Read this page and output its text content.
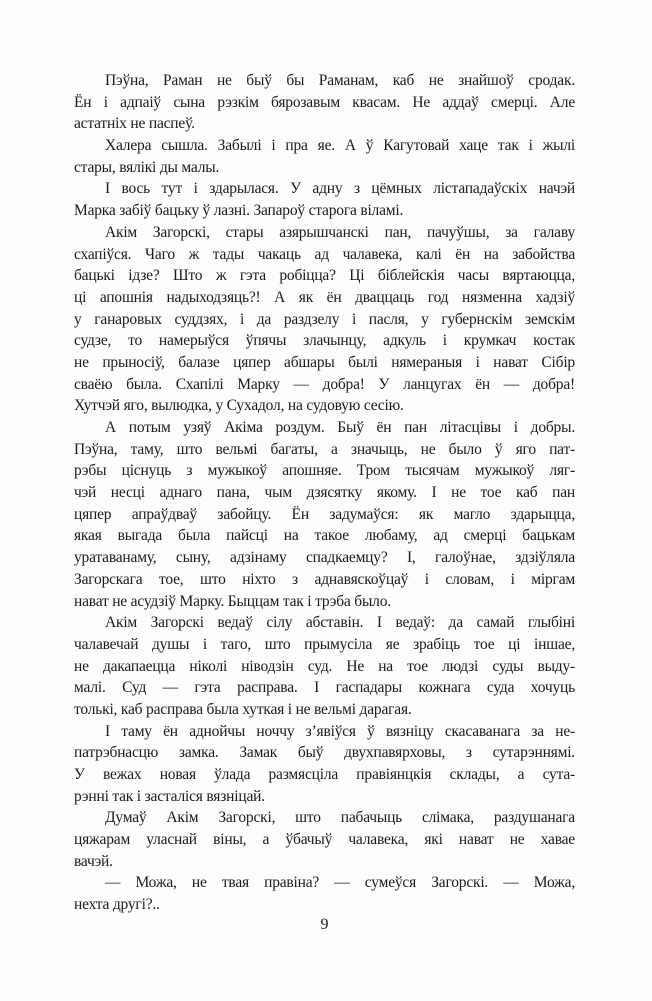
Пэўна, Раман не быў бы Раманам, каб не знайшоў сродак.
Ён і адпаіў сына рэзкім бярозавым квасам. Не аддаў смерці. Але
астатніх не паспеў.

Халера сышла. Забылі і пра яе. А ў Кагутовай хаце так і жылі
стары, вялікі ды малы.

І вось тут і здарылася. У адну з цёмных лістападаўскіх начэй
Марка забіў бацьку ў лазні. Запароў старога віламі.

Акім Загорскі, стары азярышчанскі пан, пачуўшы, за галаву
схапіўся. Чаго ж тады чакаць ад чалавека, калі ён на забойства
бацькі ідзе? Што ж гэта робіцца? Ці біблейскія часы вяртаюцца,
ці апошнія надыходзяць?! А як ён дваццаць год нязменна хадзіў
у ганаровых суддзях, і да раздзелу і пасля, у губернскім земскім
судзе, то намерыўся ўпячы злачынцу, адкуль і крумкач костак
не прыносіў, балазе цяпер абшары былі нямераныя і нават Сібір
сваёю была. Схапілі Марку — добра! У ланцугах ён — добра!
Хутчэй яго, вылюдка, у Сухадол, на судовую сесію.

А потым узяў Акіма роздум. Быў ён пан літасцівы і добры.
Пэўна, таму, што вельмі багаты, а значыць, не было ў яго пат-
рэбы ціснуць з мужыкоў апошняе. Тром тысячам мужыкоў ляг-
чэй несці аднаго пана, чым дзясятку якому. І не тое каб пан
цяпер апраўдваў забойцу. Ён задумаўся: як магло здарыцца,
якая выгада была пайсці на такое любаму, ад смерці бацькам
уратаванаму, сыну, адзінаму спадкаемцу? І, галоўнае, здзіўляла
Загорскага тое, што ніхто з аднавяскоўцаў і словам, і міргам
нават не асудзіў Марку. Быццам так і трэба было.

Акім Загорскі ведаў сілу абставін. І ведаў: да самай глыбіні
чалавечай душы і таго, што прымусіла яе зрабіць тое ці іншае,
не дакапаецца ніколі ніводзін суд. Не на тое людзі суды выду-
малі. Суд — гэта расправа. І гаспадары кожнага суда хочуць
толькі, каб расправа была хуткая і не вельмі дарагая.

І таму ён аднойчы ноччу з’явіўся ў вязніцу скасаванага за не-
патрэбнасцю замка. Замак быў двухпавярховы, з сутарэннямі.
У вежах новая ўлада размясціла правіянцкія склады, а сута-
рэнні так і засталіся вязніцай.

Думаў Акім Загорскі, што пабачыць слімака, раздушанага
цяжарам уласнай віны, а ўбачыў чалавека, які нават не хавае
вачэй.

— Можа, не твая правіна? — сумеўся Загорскі. — Можа,
нехта другі?..

9
